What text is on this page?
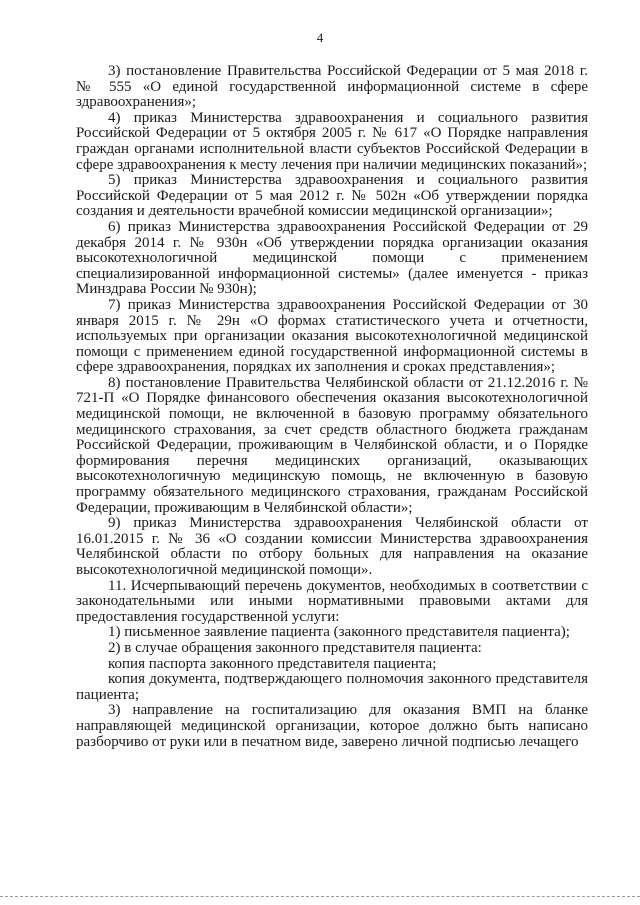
4

3) постановление Правительства Российской Федерации от 5 мая 2018 г. № 555 «О единой государственной информационной системе в сфере здравоохранения»;

4) приказ Министерства здравоохранения и социального развития Российской Федерации от 5 октября 2005 г. № 617 «О Порядке направления граждан органами исполнительной власти субъектов Российской Федерации в сфере здравоохранения к месту лечения при наличии медицинских показаний»;

5) приказ Министерства здравоохранения и социального развития Российской Федерации от 5 мая 2012 г. № 502н «Об утверждении порядка создания и деятельности врачебной комиссии медицинской организации»;

6) приказ Министерства здравоохранения Российской Федерации от 29 декабря 2014 г. № 930н «Об утверждении порядка организации оказания высокотехнологичной медицинской помощи с применением специализированной информационной системы» (далее именуется - приказ Минздрава России № 930н);

7) приказ Министерства здравоохранения Российской Федерации от 30 января 2015 г. № 29н «О формах статистического учета и отчетности, используемых при организации оказания высокотехнологичной медицинской помощи с применением единой государственной информационной системы в сфере здравоохранения, порядках их заполнения и сроках представления»;

8) постановление Правительства Челябинской области от 21.12.2016 г. № 721-П «О Порядке финансового обеспечения оказания высокотехнологичной медицинской помощи, не включенной в базовую программу обязательного медицинского страхования, за счет средств областного бюджета гражданам Российской Федерации, проживающим в Челябинской области, и о Порядке формирования перечня медицинских организаций, оказывающих высокотехнологичную медицинскую помощь, не включенную в базовую программу обязательного медицинского страхования, гражданам Российской Федерации, проживающим в Челябинской области»;

9) приказ Министерства здравоохранения Челябинской области от 16.01.2015 г. № 36 «О создании комиссии Министерства здравоохранения Челябинской области по отбору больных для направления на оказание высокотехнологичной медицинской помощи».

11. Исчерпывающий перечень документов, необходимых в соответствии с законодательными или иными нормативными правовыми актами для предоставления государственной услуги:

1) письменное заявление пациента (законного представителя пациента);

2) в случае обращения законного представителя пациента:

копия паспорта законного представителя пациента;

копия документа, подтверждающего полномочия законного представителя пациента;

3) направление на госпитализацию для оказания ВМП на бланке направляющей медицинской организации, которое должно быть написано разборчиво от руки или в печатном виде, заверено личной подписью лечащего
